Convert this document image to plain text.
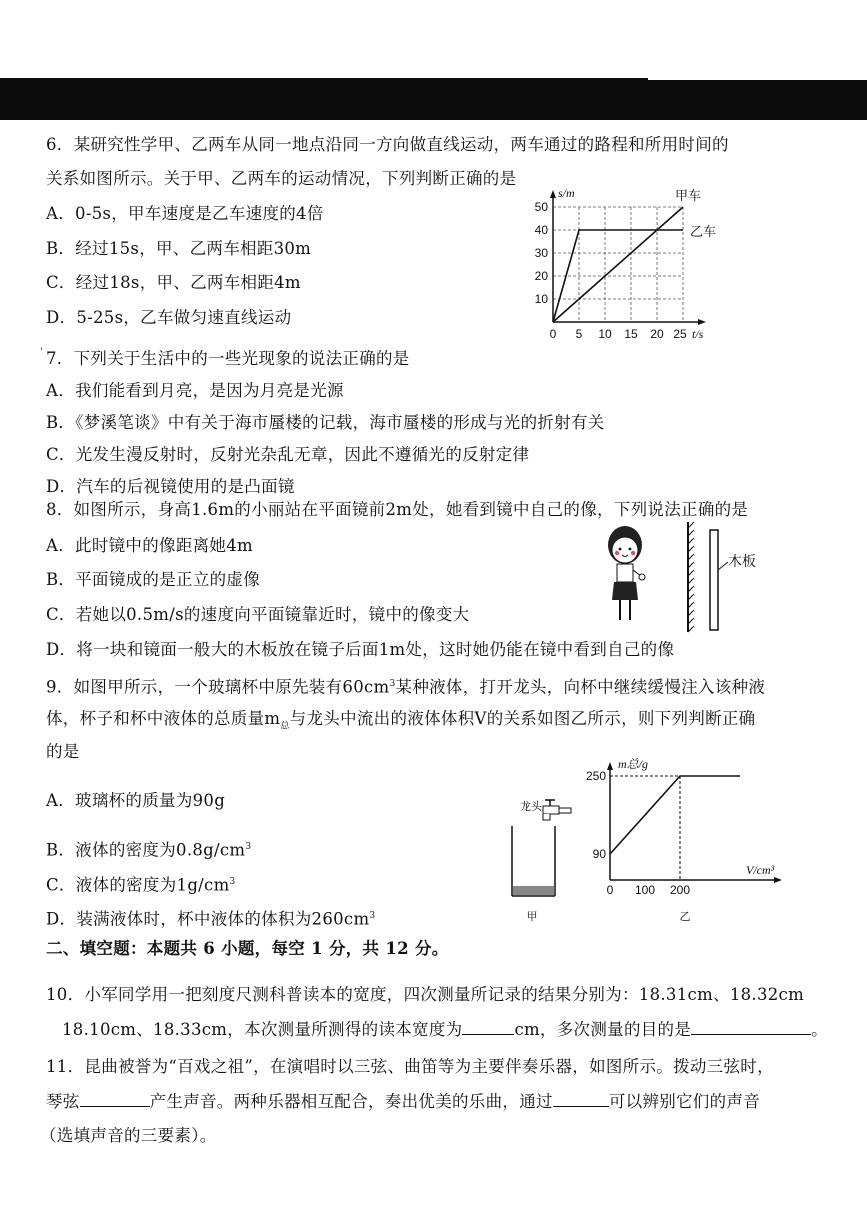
6．某研究性学甲、乙两车从同一地点沿同一方向做直线运动，两车通过的路程和所用时间的
关系如图所示。关于甲、乙两车的运动情况，下列判断正确的是
A．0-5s，甲车速度是乙车速度的4倍
B．经过15s，甲、乙两车相距30m
C．经过18s，甲、乙两车相距4m
D．5-25s，乙车做匀速直线运动
s/m
t/s
10
20
30
40
50
0 5 10 15 20 25
甲车
乙车
ˈ 7．下列关于生活中的一些光现象的说法正确的是
A．我们能看到月亮，是因为月亮是光源
B．《梦溪笔谈》中有关于海市蜃楼的记载，海市蜃楼的形成与光的折射有关
C．光发生漫反射时，反射光杂乱无章，因此不遵循光的反射定律
D．汽车的后视镜使用的是凸面镜
8．如图所示，身高1.6m的小丽站在平面镜前2m处，她看到镜中自己的像，下列说法正确的是
A．此时镜中的像距离她4m
B．平面镜成的是正立的虚像
C．若她以0.5m/s的速度向平面镜靠近时，镜中的像变大
D．将一块和镜面一般大的木板放在镜子后面1m处，这时她仍能在镜中看到自己的像
木板
9．如图甲所示，一个玻璃杯中原先装有$60cm^3$某种液体，打开龙头，向杯中继续缓慢注入该种液
体，杯子和杯中液体的总质量$m_总$与龙头中流出的液体体积V的关系如图乙所示，则下列判断正确
的是
A．玻璃杯的质量为90g
B．液体的密度为$0.8g/cm^3$
C．液体的密度为$1g/cm^3$
D．装满液体时，杯中液体的体积为$260cm^3$
龙头
甲
m总/g
V/cm³
250
90
0 100 200
乙
二、填空题：本题共 6 小题，每空 1 分，共 12 分。
10．小军同学用一把刻度尺测科普读本的宽度，四次测量所记录的结果分别为：18.31cm、18.32cm
18.10cm、18.33cm，本次测量所测得的读本宽度为	cm，多次测量的目的是	。
11．昆曲被誉为“百戏之祖”，在演唱时以三弦、曲笛等为主要伴奏乐器，如图所示。拨动三弦时，
琴弦	产生声音。两种乐器相互配合，奏出优美的乐曲，通过	可以辨别它们的声音
（选填声音的三要素）。
